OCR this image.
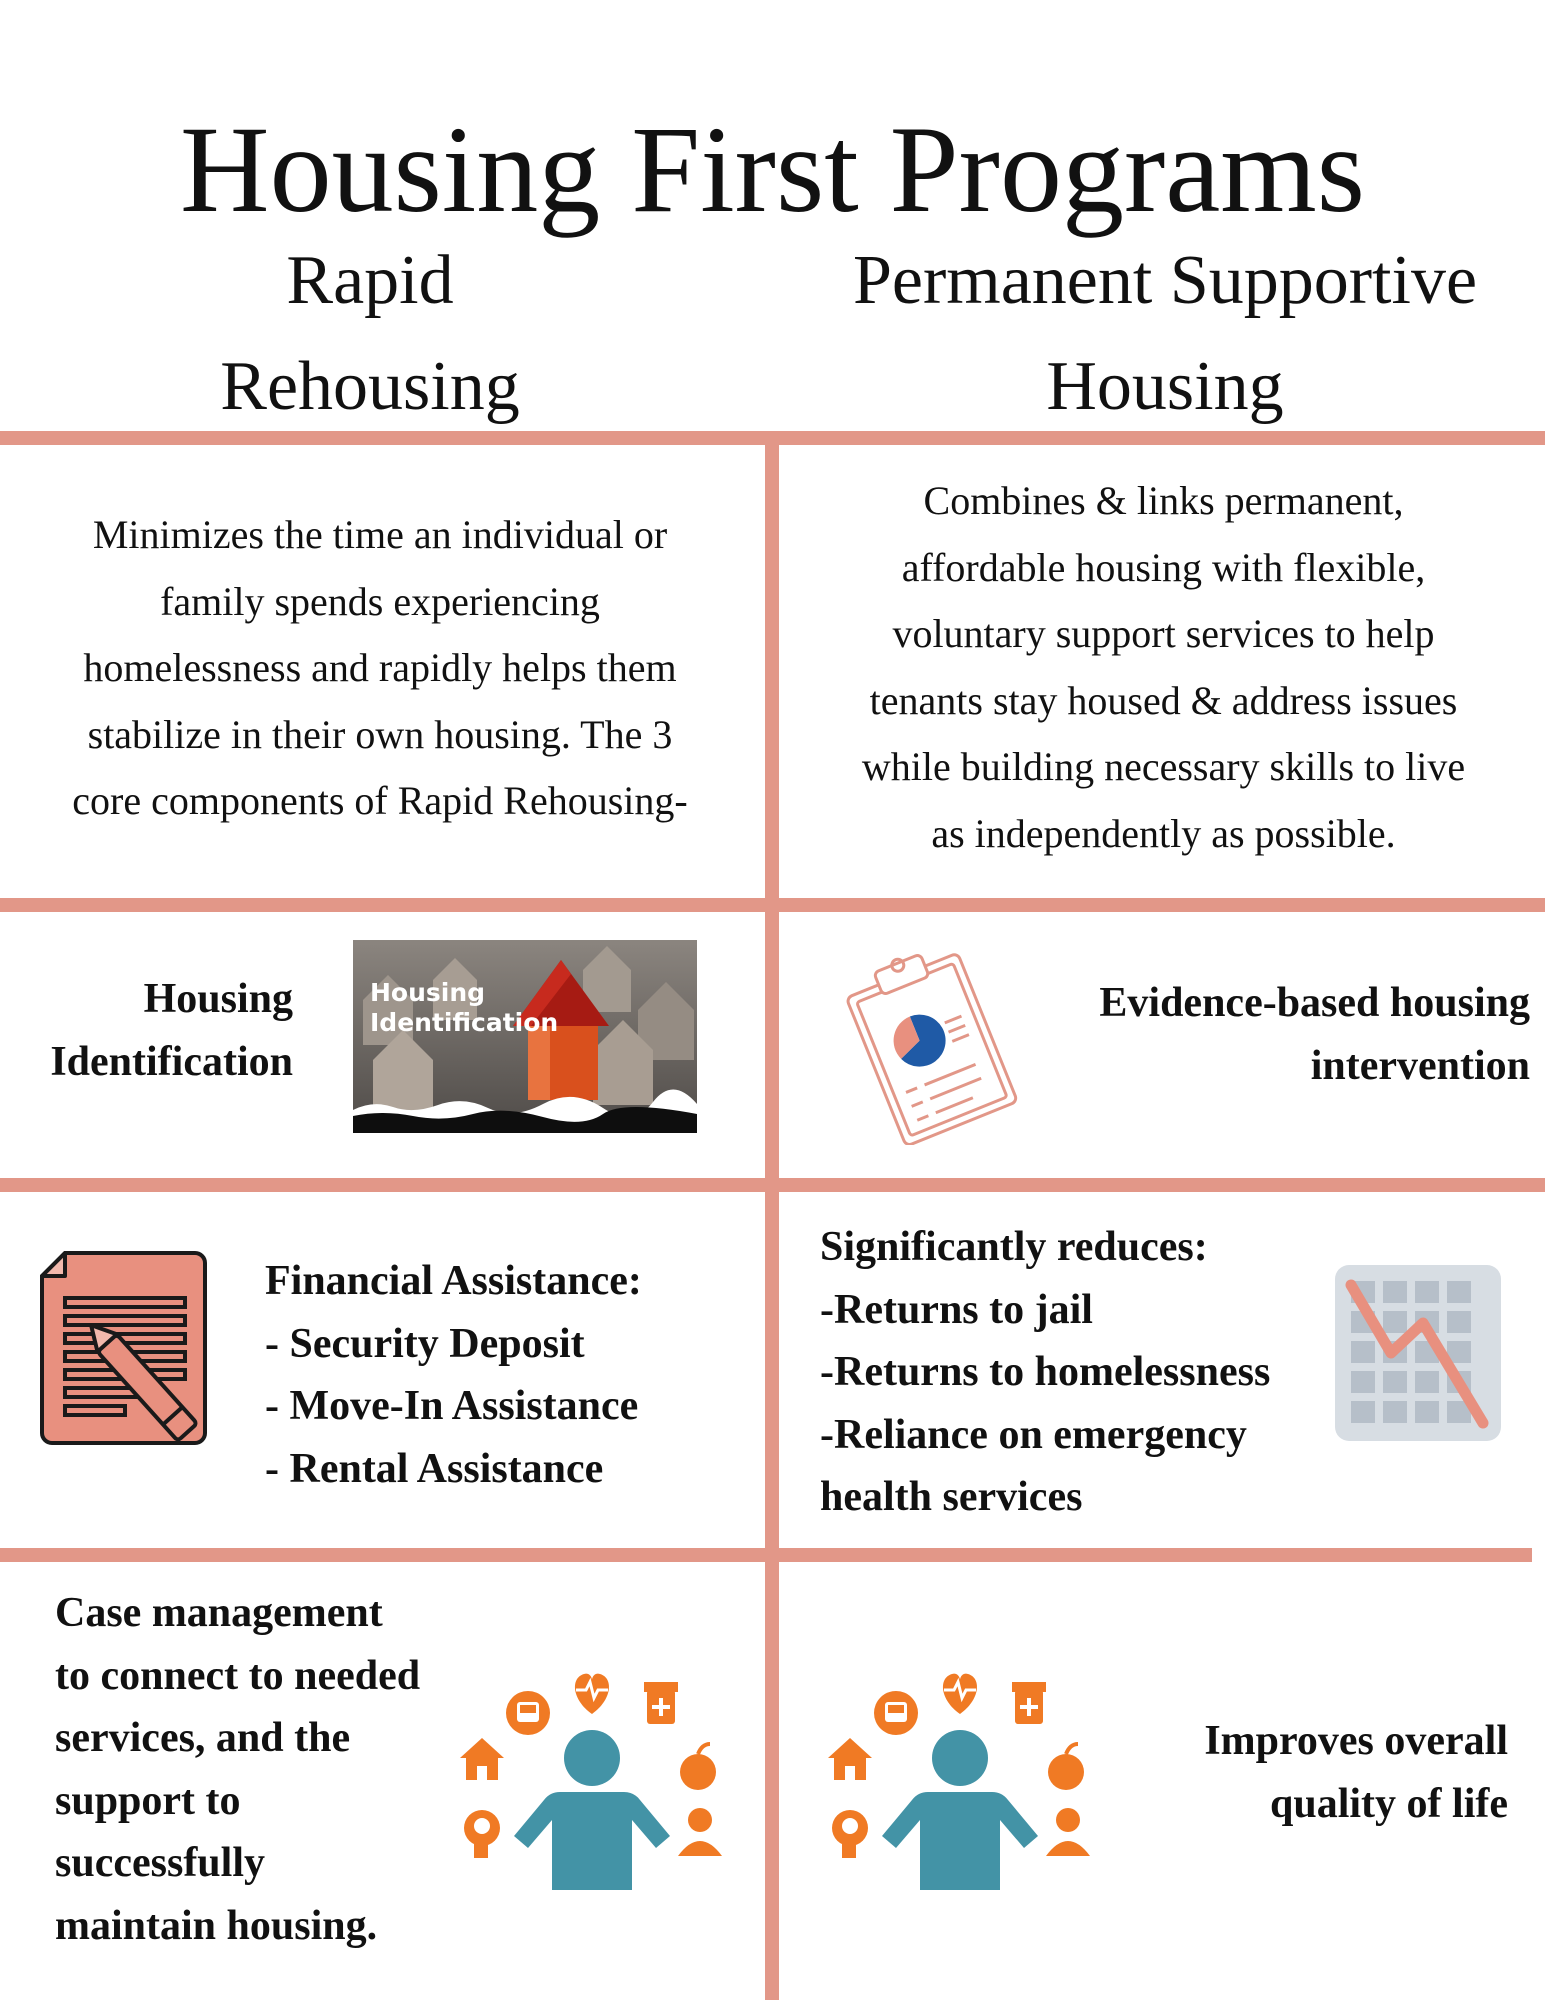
Housing First Programs
Rapid
Rehousing
Permanent Supportive
Housing
Minimizes the time an individual or
family spends experiencing
homelessness and rapidly helps them
stabilize in their own housing. The 3
core components of Rapid Rehousing-
Combines & links permanent,
affordable housing with flexible,
voluntary support services to help
tenants stay housed & address issues
while building necessary skills to live
as independently as possible.
Housing
Identification
Housing
Identification	Evidence-based housing
intervention
Financial Assistance:
- Security Deposit
- Move-In Assistance
- Rental Assistance
Significantly reduces:
-Returns to jail
-Returns to homelessness
-Reliance on emergency
health services
Case management
to connect to needed
services, and the
support to
successfully
maintain housing.
Improves overall
quality of life
